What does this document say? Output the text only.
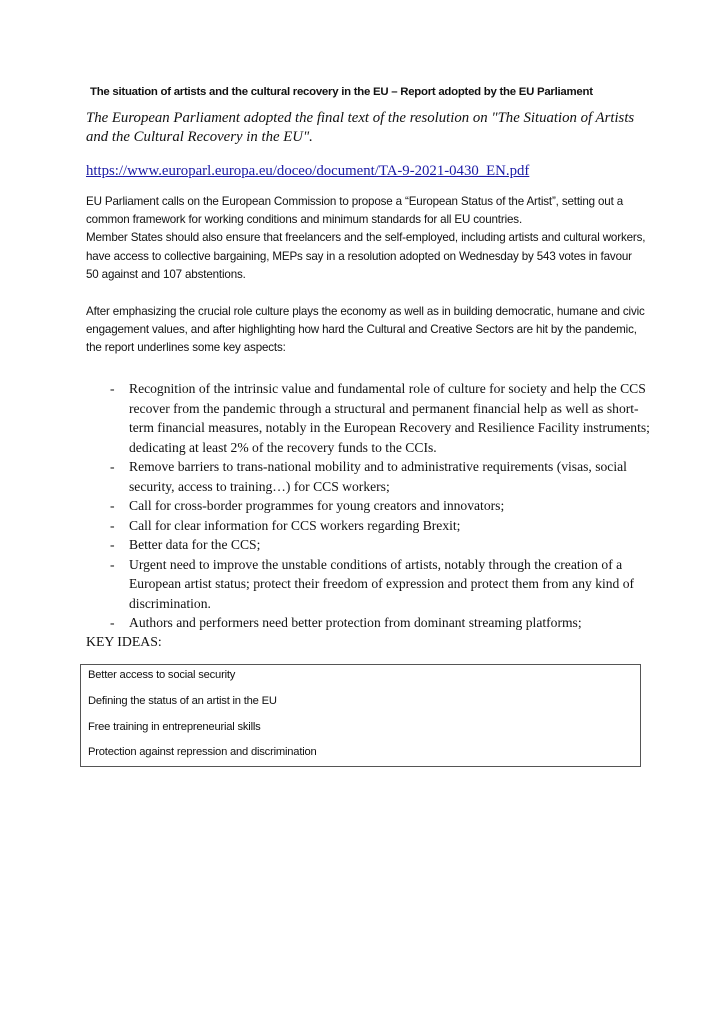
The situation of artists and the cultural recovery in the EU – Report adopted by the EU Parliament
The European Parliament adopted the final text of the resolution on "The Situation of Artists and the Cultural Recovery in the EU".
https://www.europarl.europa.eu/doceo/document/TA-9-2021-0430_EN.pdf
EU Parliament calls on the European Commission to propose a “European Status of the Artist”, setting out a common framework for working conditions and minimum standards for all EU countries.
Member States should also ensure that freelancers and the self-employed, including artists and cultural workers, have access to collective bargaining, MEPs say in a resolution adopted on Wednesday by 543 votes in favour 50 against and 107 abstentions.
After emphasizing the crucial role culture plays the economy as well as in building democratic, humane and civic engagement values, and after highlighting how hard the Cultural and Creative Sectors are hit by the pandemic, the report underlines some key aspects:
- Recognition of the intrinsic value and fundamental role of culture for society and help the CCS recover from the pandemic through a structural and permanent financial help as well as short-term financial measures, notably in the European Recovery and Resilience Facility instruments; dedicating at least 2% of the recovery funds to the CCIs.
- Remove barriers to trans-national mobility and to administrative requirements (visas, social security, access to training…) for CCS workers;
- Call for cross-border programmes for young creators and innovators;
- Call for clear information for CCS workers regarding Brexit;
- Better data for the CCS;
- Urgent need to improve the unstable conditions of artists, notably through the creation of a European artist status; protect their freedom of expression and protect them from any kind of discrimination.
- Authors and performers need better protection from dominant streaming platforms;
KEY IDEAS:
Better access to social security
Defining the status of an artist in the EU
Free training in entrepreneurial skills
Protection against repression and discrimination
